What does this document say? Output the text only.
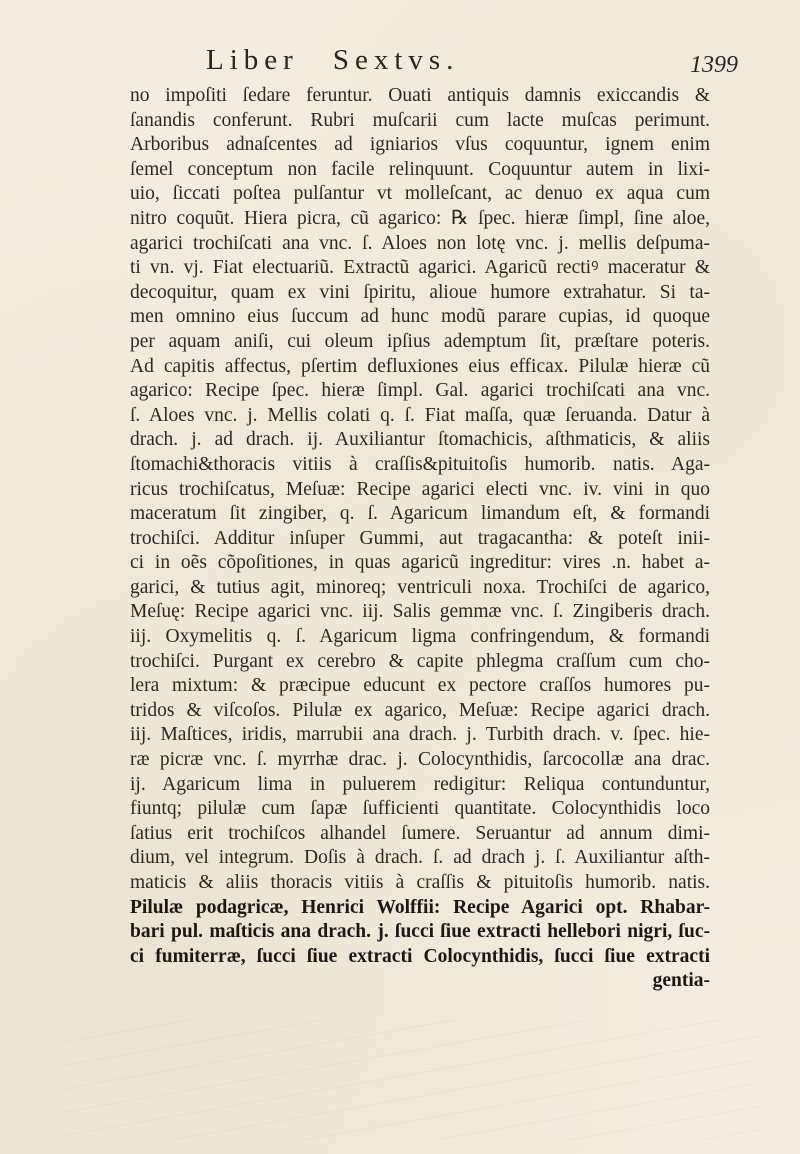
Liber Sextvs.	1399
no impoſiti ſedare feruntur. Ouati antiquis damnis exiccandis &
ſanandis conferunt. Rubri muſcarii cum lacte muſcas perimunt.
Arboribus adnaſcentes ad igniarios vſus coquuntur, ignem enim
ſemel conceptum non facile relinquunt. Coquuntur autem in lixi-
uio, ſiccati poſtea pulſantur vt molleſcant, ac denuo ex aqua cum
nitro coquũt. Hiera picra, cũ agarico: ℞ ſpec. hieræ ſimpl, ſine aloe,
agarici trochiſcati ana vnc. ſ. Aloes non lotę vnc. j. mellis deſpuma-
ti vn. vj. Fiat electuariũ. Extractũ agarici. Agaricũ rectiꝰ maceratur &
decoquitur, quam ex vini ſpiritu, alioue humore extrahatur. Si ta-
men omnino eius ſuccum ad hunc modũ parare cupias, id quoque
per aquam aniſi, cui oleum ipſius ademptum ſit, præſtare poteris.
Ad capitis affectus, pſertim defluxiones eius efficax. Pilulæ hieræ cũ
agarico: Recipe ſpec. hieræ ſimpl. Gal. agarici trochiſcati ana vnc.
ſ. Aloes vnc. j. Mellis colati q. ſ. Fiat maſſa, quæ ſeruanda. Datur à
drach. j. ad drach. ij. Auxiliantur ſtomachicis, aſthmaticis, & aliis
ſtomachi&thoracis vitiis à craſſis&pituitoſis humorib. natis. Aga-
ricus trochiſcatus, Meſuæ: Recipe agarici electi vnc. iv. vini in quo
maceratum ſit zingiber, q. ſ. Agaricum limandum eſt, & formandi
trochiſci. Additur inſuper Gummi, aut tragacantha: & poteſt inii-
ci in oẽs cõpoſitiones, in quas agaricũ ingreditur: vires .n. habet a-
garici, & tutius agit, minoreq; ventriculi noxa. Trochiſci de agarico,
Meſuę: Recipe agarici vnc. iij. Salis gemmæ vnc. ſ. Zingiberis drach.
iij. Oxymelitis q. ſ. Agaricum ligma confringendum, & formandi
trochiſci. Purgant ex cerebro & capite phlegma craſſum cum cho-
lera mixtum: & præcipue educunt ex pectore craſſos humores pu-
tridos & viſcoſos. Pilulæ ex agarico, Meſuæ: Recipe agarici drach.
iij. Maſtices, iridis, marrubii ana drach. j. Turbith drach. v. ſpec. hie-
ræ picræ vnc. ſ. myrrhæ drac. j. Colocynthidis, ſarcocollæ ana drac.
ij. Agaricum lima in puluerem redigitur: Reliqua contunduntur,
fiuntq; pilulæ cum ſapæ ſufficienti quantitate. Colocynthidis loco
ſatius erit trochiſcos alhandel ſumere. Seruantur ad annum dimi-
dium, vel integrum. Doſis à drach. ſ. ad drach j. ſ. Auxiliantur aſth-
maticis & aliis thoracis vitiis à craſſis & pituitoſis humorib. natis.
Pilulæ podagricæ, Henrici Wolffii: Recipe Agarici opt. Rhabar-
bari pul. maſticis ana drach. j. ſucci ſiue extracti hellebori nigri, ſuc-
ci fumiterræ, ſucci ſiue extracti Colocynthidis, ſucci ſiue extracti
gentia-
